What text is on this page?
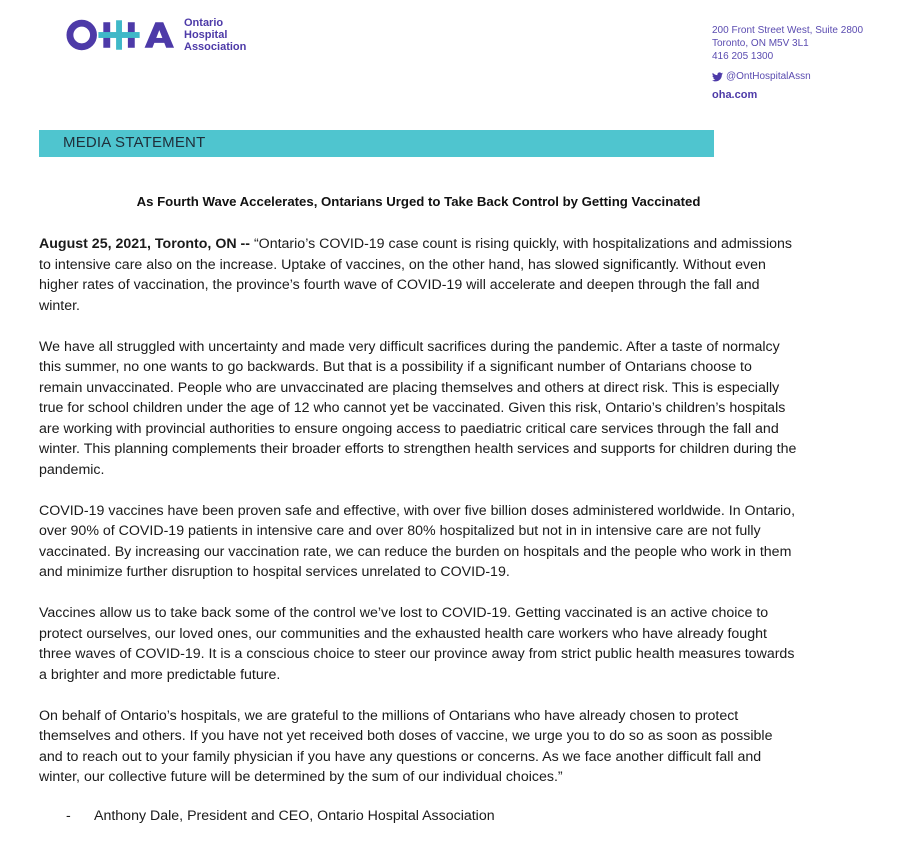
Ontario
Hospital
Association
200 Front Street West, Suite 2800
Toronto, ON M5V 3L1
416 205 1300
@OntHospitalAssn
oha.com
MEDIA STATEMENT
As Fourth Wave Accelerates, Ontarians Urged to Take Back Control by Getting Vaccinated

August 25, 2021, Toronto, ON -- “Ontario’s COVID-19 case count is rising quickly, with hospitalizations and admissions to intensive care also on the increase. Uptake of vaccines, on the other hand, has slowed significantly. Without even higher rates of vaccination, the province’s fourth wave of COVID-19 will accelerate and deepen through the fall and winter.

We have all struggled with uncertainty and made very difficult sacrifices during the pandemic. After a taste of normalcy this summer, no one wants to go backwards. But that is a possibility if a significant number of Ontarians choose to remain unvaccinated. People who are unvaccinated are placing themselves and others at direct risk. This is especially true for school children under the age of 12 who cannot yet be vaccinated. Given this risk, Ontario’s children’s hospitals are working with provincial authorities to ensure ongoing access to paediatric critical care services through the fall and winter. This planning complements their broader efforts to strengthen health services and supports for children during the pandemic.

COVID-19 vaccines have been proven safe and effective, with over five billion doses administered worldwide. In Ontario, over 90% of COVID-19 patients in intensive care and over 80% hospitalized but not in in intensive care are not fully vaccinated. By increasing our vaccination rate, we can reduce the burden on hospitals and the people who work in them and minimize further disruption to hospital services unrelated to COVID-19.

Vaccines allow us to take back some of the control we’ve lost to COVID-19. Getting vaccinated is an active choice to protect ourselves, our loved ones, our communities and the exhausted health care workers who have already fought three waves of COVID-19. It is a conscious choice to steer our province away from strict public health measures towards a brighter and more predictable future.

On behalf of Ontario’s hospitals, we are grateful to the millions of Ontarians who have already chosen to protect themselves and others. If you have not yet received both doses of vaccine, we urge you to do so as soon as possible and to reach out to your family physician if you have any questions or concerns. As we face another difficult fall and winter, our collective future will be determined by the sum of our individual choices.”

- Anthony Dale, President and CEO, Ontario Hospital Association
